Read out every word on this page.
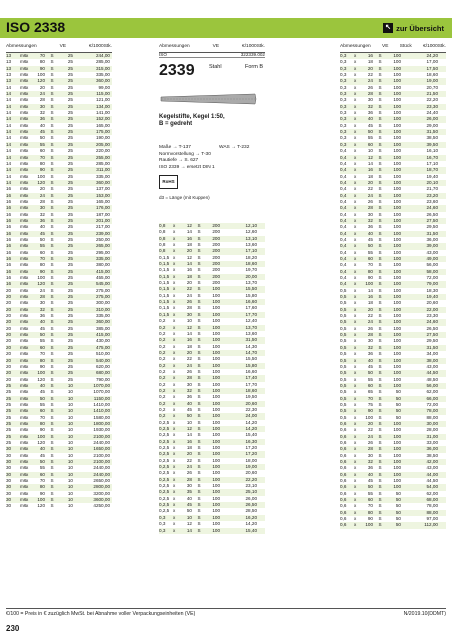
ISO 2338	↖ zur Übersicht
Abmessungen	VE	€/1000Stk.
13	m6 x	70	S	25	244,00
13	m6 x	80	S	25	285,00
13	m6 x	90	S	25	315,00
13	m6 x	100	S	25	335,00
13	m6 x	120	S	25	360,00
14	m6 x	20	S	25	99,00
14	m6 x	24	S	25	115,00
14	m6 x	28	S	25	121,00
14	m6 x	30	S	25	134,00
14	m6 x	32	S	25	141,00
14	m6 x	36	S	25	152,00
14	m6 x	40	S	25	165,00
14	m6 x	45	S	25	175,00
14	m6 x	50	S	25	190,00
14	m6 x	55	S	25	205,00
14	m6 x	60	S	25	220,00
14	m6 x	70	S	25	255,00
14	m6 x	80	S	25	285,00
14	m6 x	90	S	25	311,00
14	m6 x	100	S	25	335,00
14	m6 x	120	S	25	360,00
16	m6 x	20	S	25	137,00
16	m6 x	24	S	25	153,00
16	m6 x	28	S	25	165,00
16	m6 x	30	S	25	176,00
16	m6 x	32	S	25	187,00
16	m6 x	36	S	25	201,00
16	m6 x	40	S	25	217,00
16	m6 x	45	S	25	239,00
16	m6 x	50	S	25	250,00
16	m6 x	55	S	25	265,00
16	m6 x	60	S	25	295,00
16	m6 x	70	S	25	335,00
16	m6 x	80	S	25	380,00
16	m6 x	90	S	25	415,00
16	m6 x	100	S	25	455,00
16	m6 x	120	S	25	545,00
20	m6 x	24	S	25	275,00
20	m6 x	28	S	25	275,00
20	m6 x	30	S	25	300,00
20	m6 x	32	S	25	310,00
20	m6 x	36	S	25	335,00
20	m6 x	40	S	25	360,00
20	m6 x	45	S	25	385,00
20	m6 x	50	S	25	415,00
20	m6 x	55	S	25	430,00
20	m6 x	60	S	25	475,00
20	m6 x	70	S	25	510,00
20	m6 x	80	S	25	540,00
20	m6 x	90	S	25	620,00
20	m6 x	100	S	25	680,00
20	m6 x	120	S	25	790,00
25	m6 x	40	S	10	1070,00
25	m6 x	45	S	10	1070,00
25	m6 x	50	S	10	1150,00
25	m6 x	55	S	10	1410,00
25	m6 x	60	S	10	1410,00
25	m6 x	70	S	10	1580,00
25	m6 x	80	S	10	1800,00
25	m6 x	90	S	10	1930,00
25	m6 x	100	S	10	2100,00
25	m6 x	120	S	10	2440,00
30	m6 x	40	S	10	1650,00
30	m6 x	45	S	10	2100,00
30	m6 x	50	S	10	2100,00
30	m6 x	55	S	10	2440,00
30	m6 x	60	S	10	2440,00
30	m6 x	70	S	10	2650,00
30	m6 x	80	S	10	2800,00
30	m6 x	90	S	10	3200,00
30	m6 x	100	S	10	3600,00
30	m6 x	120	S	10	4250,00
Abmessungen	VE	€/1000Stk.
ISO	322339.002
2339	Stahl	Form B
Kegelstifte, Kegel 1:50,
B = gedreht
Maße → T-137
Normvorstellung → T-30
Rautiefe → S. 627
ISO 2339 → ersetzt DIN 1
WAS → T-232
RoHS
d3 = Länge (mit Kuppen)
0,8	x	12	S	200	12,10
0,8	x	14	S	200	12,60
0,8	x	16	S	200	13,10
0,8	x	18	S	200	13,60
0,8	x	20	S	200	17,10
0,1,5 x	12	S	200	18,20
0,1,5 x	14	S	200	18,60
0,1,5 x	16	S	200	19,70
0,1,5 x	18	S	200	20,00
0,1,5 x	20	S	200	13,70
0,1,5 x	22	S	100	15,50
0,1,5 x	24	S	100	15,80
0,1,5 x	26	S	100	16,60
0,1,5 x	28	S	100	17,60
0,1,5 x	30	S	100	17,70
0,2	x	10	S	100	12,40
0,2	x	12	S	100	13,70
0,2	x	14	S	100	13,60
0,2	x	16	S	100	31,50
0,2	x	18	S	100	14,30
0,2	x	20	S	100	14,70
0,2	x	22	S	100	15,50
0,2	x	24	S	100	15,80
0,2	x	26	S	100	16,60
0,2	x	28	S	100	17,40
0,2	x	30	S	100	17,70
0,2	x	32	S	100	18,60
0,2	x	36	S	100	19,50
0,2	x	40	S	100	20,60
0,2	x	45	S	100	22,30
0,2	x	50	S	100	24,00
0,2,5 x	10	S	100	14,20
0,2,5 x	12	S	100	14,20
0,2,5 x	14	S	100	15,40
0,2,5 x	16	S	100	16,30
0,2,5 x	18	S	100	17,20
0,2,5 x	20	S	100	17,20
0,2,5 x	22	S	100	18,00
0,2,5 x	24	S	100	19,00
0,2,5 x	26	S	100	20,60
0,2,5 x	28	S	100	22,20
0,2,5 x	30	S	100	23,10
0,2,5 x	35	S	100	25,10
0,2,5 x	40	S	100	26,00
0,2,5 x	45	S	100	26,50
0,2,5 x	50	S	100	28,50
0,3	x	10	S	100	16,20
0,3	x	12	S	100	14,20
0,3	x	14	S	100	15,40
Abmessungen VE Stück €/1000Stk.
0,3	x	16	S	100	24,20
0,3	x	18	S	100	17,00
0,3	x	20	S	100	17,50
0,3	x	22	S	100	18,60
0,3	x	24	S	100	19,00
0,3	x	26	S	100	20,70
0,3	x	28	S	100	21,50
0,3	x	30	S	100	22,20
0,3	x	32	S	100	23,30
0,3	x	36	S	100	24,40
0,3	x	40	S	100	26,00
0,3	x	45	S	100	29,00
0,3	x	50	S	100	31,50
0,3	x	55	S	100	38,50
0,3	x	60	S	100	39,50
0,4	x	10	S	100	16,10
0,4	x	12	S	100	16,70
0,4	x	14	S	100	17,10
0,4	x	16	S	100	18,70
0,4	x	18	S	100	19,40
0,4	x	20	S	100	20,10
0,4	x	22	S	100	21,70
0,4	x	24	S	100	23,20
0,4	x	26	S	100	23,60
0,4	x	28	S	100	24,60
0,4	x	30	S	100	26,50
0,4	x	32	S	100	27,50
0,4	x	36	S	100	29,50
0,4	x	40	S	100	31,50
0,4	x	45	S	100	36,00
0,4	x	50	S	100	39,00
0,4	x	55	S	100	43,00
0,4	x	60	S	100	49,00
0,4	x	70	S	100	56,00
0,4	x	80	S	100	58,00
0,4	x	90	S	100	72,00
0,4	x	100	S	100	79,00
0,5	x	14	S	100	18,30
0,5	x	16	S	100	19,40
0,5	x	18	S	100	20,60
0,5	x	20	S	100	22,00
0,5	x	22	S	100	23,30
0,5	x	24	S	100	24,60
0,5	x	26	S	100	26,50
0,5	x	28	S	100	27,50
0,5	x	30	S	100	29,50
0,5	x	32	S	100	31,50
0,5	x	36	S	100	34,00
0,5	x	40	S	100	38,00
0,5	x	45	S	100	43,00
0,5	x	50	S	100	44,50
0,5	x	55	S	100	48,50
0,5	x	60	S	100	56,00
0,5	x	65	S	50	62,00
0,5	x	70	S	50	66,00
0,5	x	75	S	50	72,00
0,5	x	90	S	50	78,00
0,5	x	100	S	50	88,00
0,6	x	20	S	100	30,00
0,6	x	22	S	100	28,00
0,6	x	24	S	100	31,00
0,6	x	26	S	100	33,00
0,6	x	28	S	100	36,00
0,6	x	30	S	100	38,50
0,6	x	32	S	100	42,00
0,6	x	36	S	100	43,00
0,6	x	40	S	100	44,00
0,6	x	45	S	100	44,50
0,6	x	50	S	100	54,00
0,6	x	55	S	50	62,00
0,6	x	60	S	50	68,00
0,6	x	70	S	50	78,00
0,6	x	80	S	50	88,00
0,6	x	90	S	50	97,00
0,6	x	100	S	50	112,00
€/100 = Preis in € zuzüglich MwSt. bei Abnahme voller Verpackungseinheiten (VE)	N/2019.10(DDMT)
230
